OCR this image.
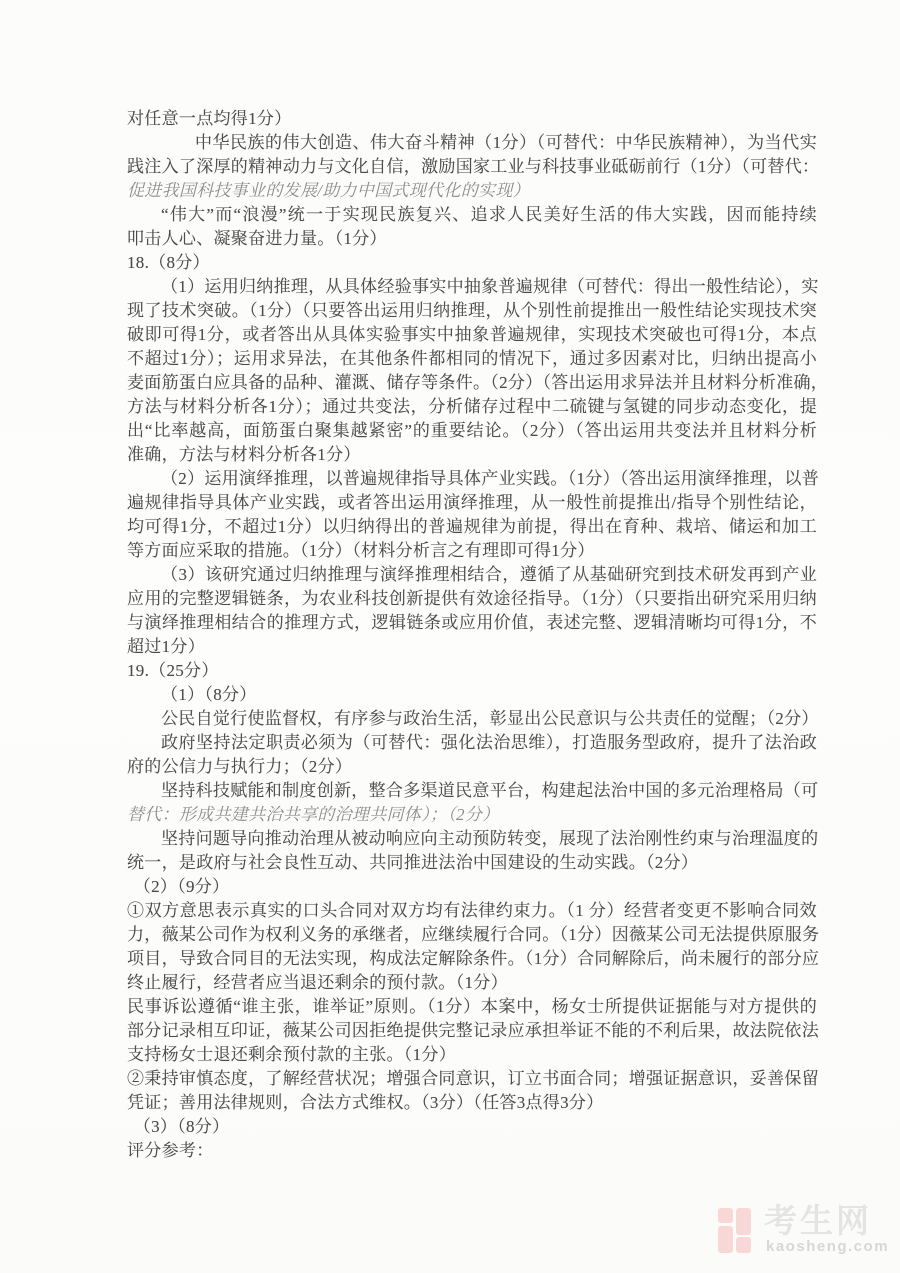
对任意一点均得1分）
中华民族的伟大创造、伟大奋斗精神（1分）（可替代：中华民族精神），为当代实
践注入了深厚的精神动力与文化自信，激励国家工业与科技事业砥砺前行（1分）（可替代：
促进我国科技事业的发展/助力中国式现代化的实现）
“伟大”而“浪漫”统一于实现民族复兴、追求人民美好生活的伟大实践，因而能持续
叩击人心、凝聚奋进力量。（1分）
18.（8分）
（1）运用归纳推理，从具体经验事实中抽象普遍规律（可替代：得出一般性结论），实
现了技术突破。（1分）（只要答出运用归纳推理，从个别性前提推出一般性结论实现技术突
破即可得1分，或者答出从具体实验事实中抽象普遍规律，实现技术突破也可得1分，本点
不超过1分）；运用求异法，在其他条件都相同的情况下，通过多因素对比，归纳出提高小
麦面筋蛋白应具备的品种、灌溉、储存等条件。（2分）（答出运用求异法并且材料分析准确，
方法与材料分析各1分）；通过共变法，分析储存过程中二硫键与氢键的同步动态变化，提
出“比率越高，面筋蛋白聚集越紧密”的重要结论。（2分）（答出运用共变法并且材料分析
准确，方法与材料分析各1分）
（2）运用演绎推理，以普遍规律指导具体产业实践。（1分）（答出运用演绎推理，以普
遍规律指导具体产业实践，或者答出运用演绎推理，从一般性前提推出/指导个别性结论，
均可得1分，不超过1分）以归纳得出的普遍规律为前提，得出在育种、栽培、储运和加工
等方面应采取的措施。（1分）（材料分析言之有理即可得1分）
（3）该研究通过归纳推理与演绎推理相结合，遵循了从基础研究到技术研发再到产业
应用的完整逻辑链条，为农业科技创新提供有效途径指导。（1分）（只要指出研究采用归纳
与演绎推理相结合的推理方式，逻辑链条或应用价值，表述完整、逻辑清晰均可得1分，不
超过1分）
19.（25分）
（1）（8分）
公民自觉行使监督权，有序参与政治生活，彰显出公民意识与公共责任的觉醒；（2分）
政府坚持法定职责必须为（可替代：强化法治思维），打造服务型政府，提升了法治政
府的公信力与执行力；（2分）
坚持科技赋能和制度创新，整合多渠道民意平台，构建起法治中国的多元治理格局（可
替代：形成共建共治共享的治理共同体）；（2分）
坚持问题导向推动治理从被动响应向主动预防转变，展现了法治刚性约束与治理温度的
统一，是政府与社会良性互动、共同推进法治中国建设的生动实践。（2分）
（2）（9分）
①双方意思表示真实的口头合同对双方均有法律约束力。（1 分）经营者变更不影响合同效
力，薇某公司作为权利义务的承继者，应继续履行合同。（1分）因薇某公司无法提供原服务
项目，导致合同目的无法实现，构成法定解除条件。（1分）合同解除后，尚未履行的部分应
终止履行，经营者应当退还剩余的预付款。（1分）
民事诉讼遵循“谁主张，谁举证”原则。（1分）本案中，杨女士所提供证据能与对方提供的
部分记录相互印证，薇某公司因拒绝提供完整记录应承担举证不能的不利后果，故法院依法
支持杨女士退还剩余预付款的主张。（1分）
②秉持审慎态度，了解经营状况；增强合同意识，订立书面合同；增强证据意识，妥善保留
凭证；善用法律规则，合法方式维权。（3分）（任答3点得3分）
（3）（8分）
评分参考：
考生网
kaosheng.com
